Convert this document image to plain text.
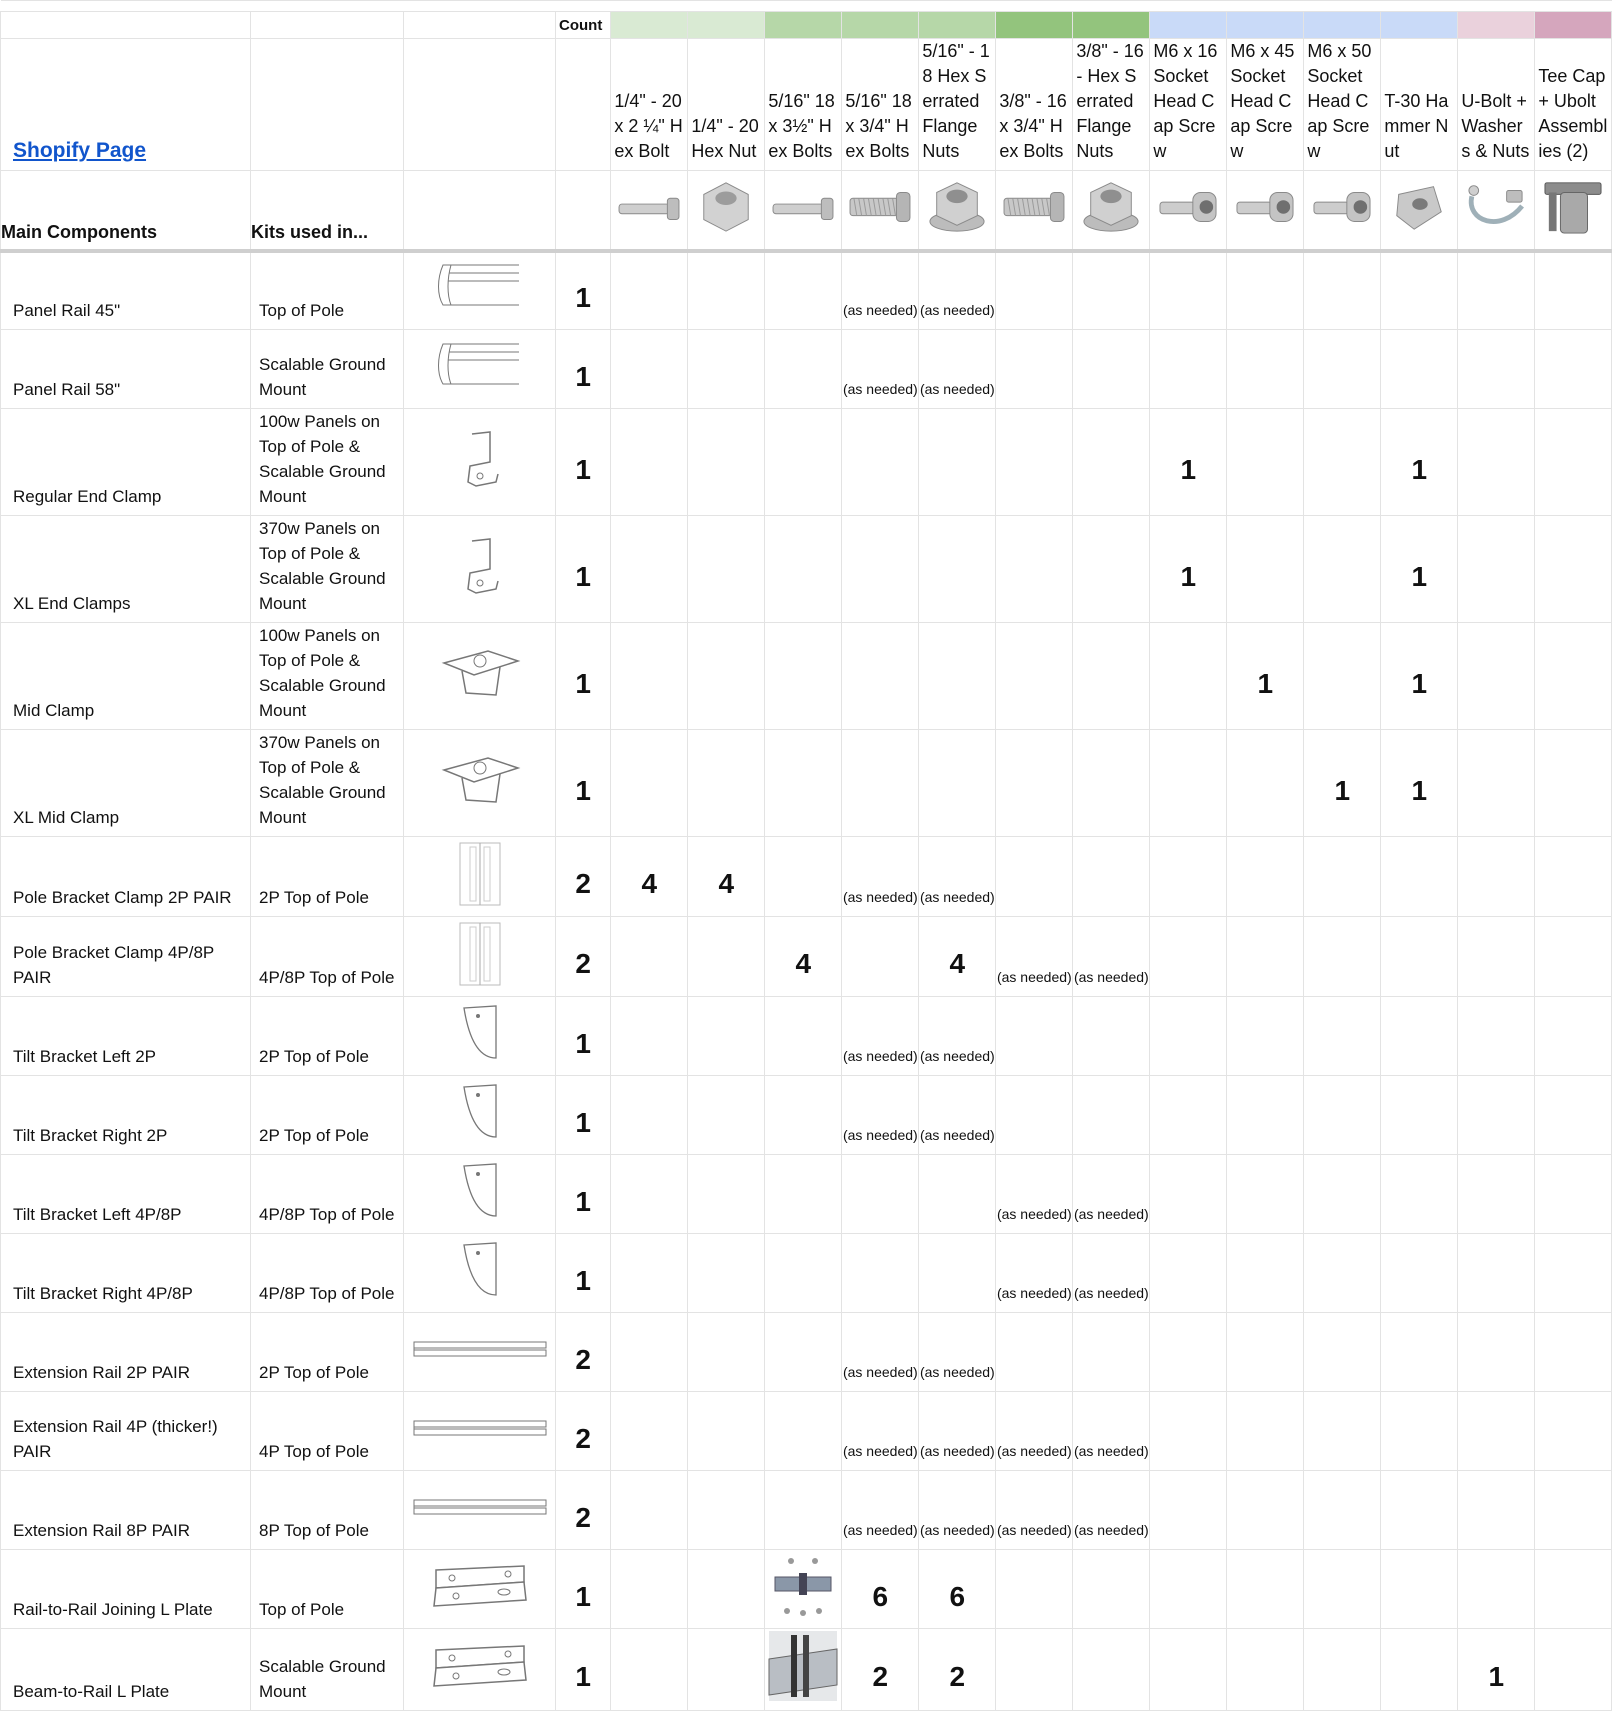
			Count													
Shopify Page				1/4" - 20 x 2 ¼" Hex Bolt	1/4" - 20 Hex Nut	5/16" 18 x 3½" Hex Bolts	5/16" 18 x 3/4" Hex Bolts	5/16" - 18 Hex Serrated Flange Nuts	3/8" - 16 x 3/4" Hex Bolts	3/8" - 16 - Hex Serrated Flange Nuts	M6 x 16 Socket Head Cap Screw	M6 x 45 Socket Head Cap Screw	M6 x 50 Socket Head Cap Screw	T-30 Hammer Nut	U-Bolt + Washers & Nuts	Tee Cap + Ubolt Assemblies (2)

Main Components	Kits used in...															
Panel Rail 45"	Top of Pole		1				(as needed)	(as needed)								
Panel Rail 58"	Scalable Ground Mount		1				(as needed)	(as needed)								
Regular End Clamp	100w Panels on Top of Pole & Scalable Ground Mount		1								1			1		
XL End Clamps	370w Panels on Top of Pole & Scalable Ground Mount		1								1			1		
Mid Clamp	100w Panels on Top of Pole & Scalable Ground Mount		1									1		1		
XL Mid Clamp	370w Panels on Top of Pole & Scalable Ground Mount		1										1	1		
Pole Bracket Clamp 2P PAIR	2P Top of Pole		2	4	4		(as needed)	(as needed)								
Pole Bracket Clamp 4P/8P PAIR	4P/8P Top of Pole		2			4		4	(as needed)	(as needed)						
Tilt Bracket Left 2P	2P Top of Pole		1				(as needed)	(as needed)								
Tilt Bracket Right 2P	2P Top of Pole		1				(as needed)	(as needed)								
Tilt Bracket Left 4P/8P	4P/8P Top of Pole		1						(as needed)	(as needed)						
Tilt Bracket Right 4P/8P	4P/8P Top of Pole		1						(as needed)	(as needed)						
Extension Rail 2P PAIR	2P Top of Pole		2				(as needed)	(as needed)								
Extension Rail 4P (thicker!) PAIR	4P Top of Pole		2				(as needed)	(as needed)	(as needed)	(as needed)						
Extension Rail 8P PAIR	8P Top of Pole		2				(as needed)	(as needed)	(as needed)	(as needed)						
Rail-to-Rail Joining L Plate	Top of Pole		1				6	6								
Beam-to-Rail L Plate	Scalable Ground Mount		1				2	2							1	
